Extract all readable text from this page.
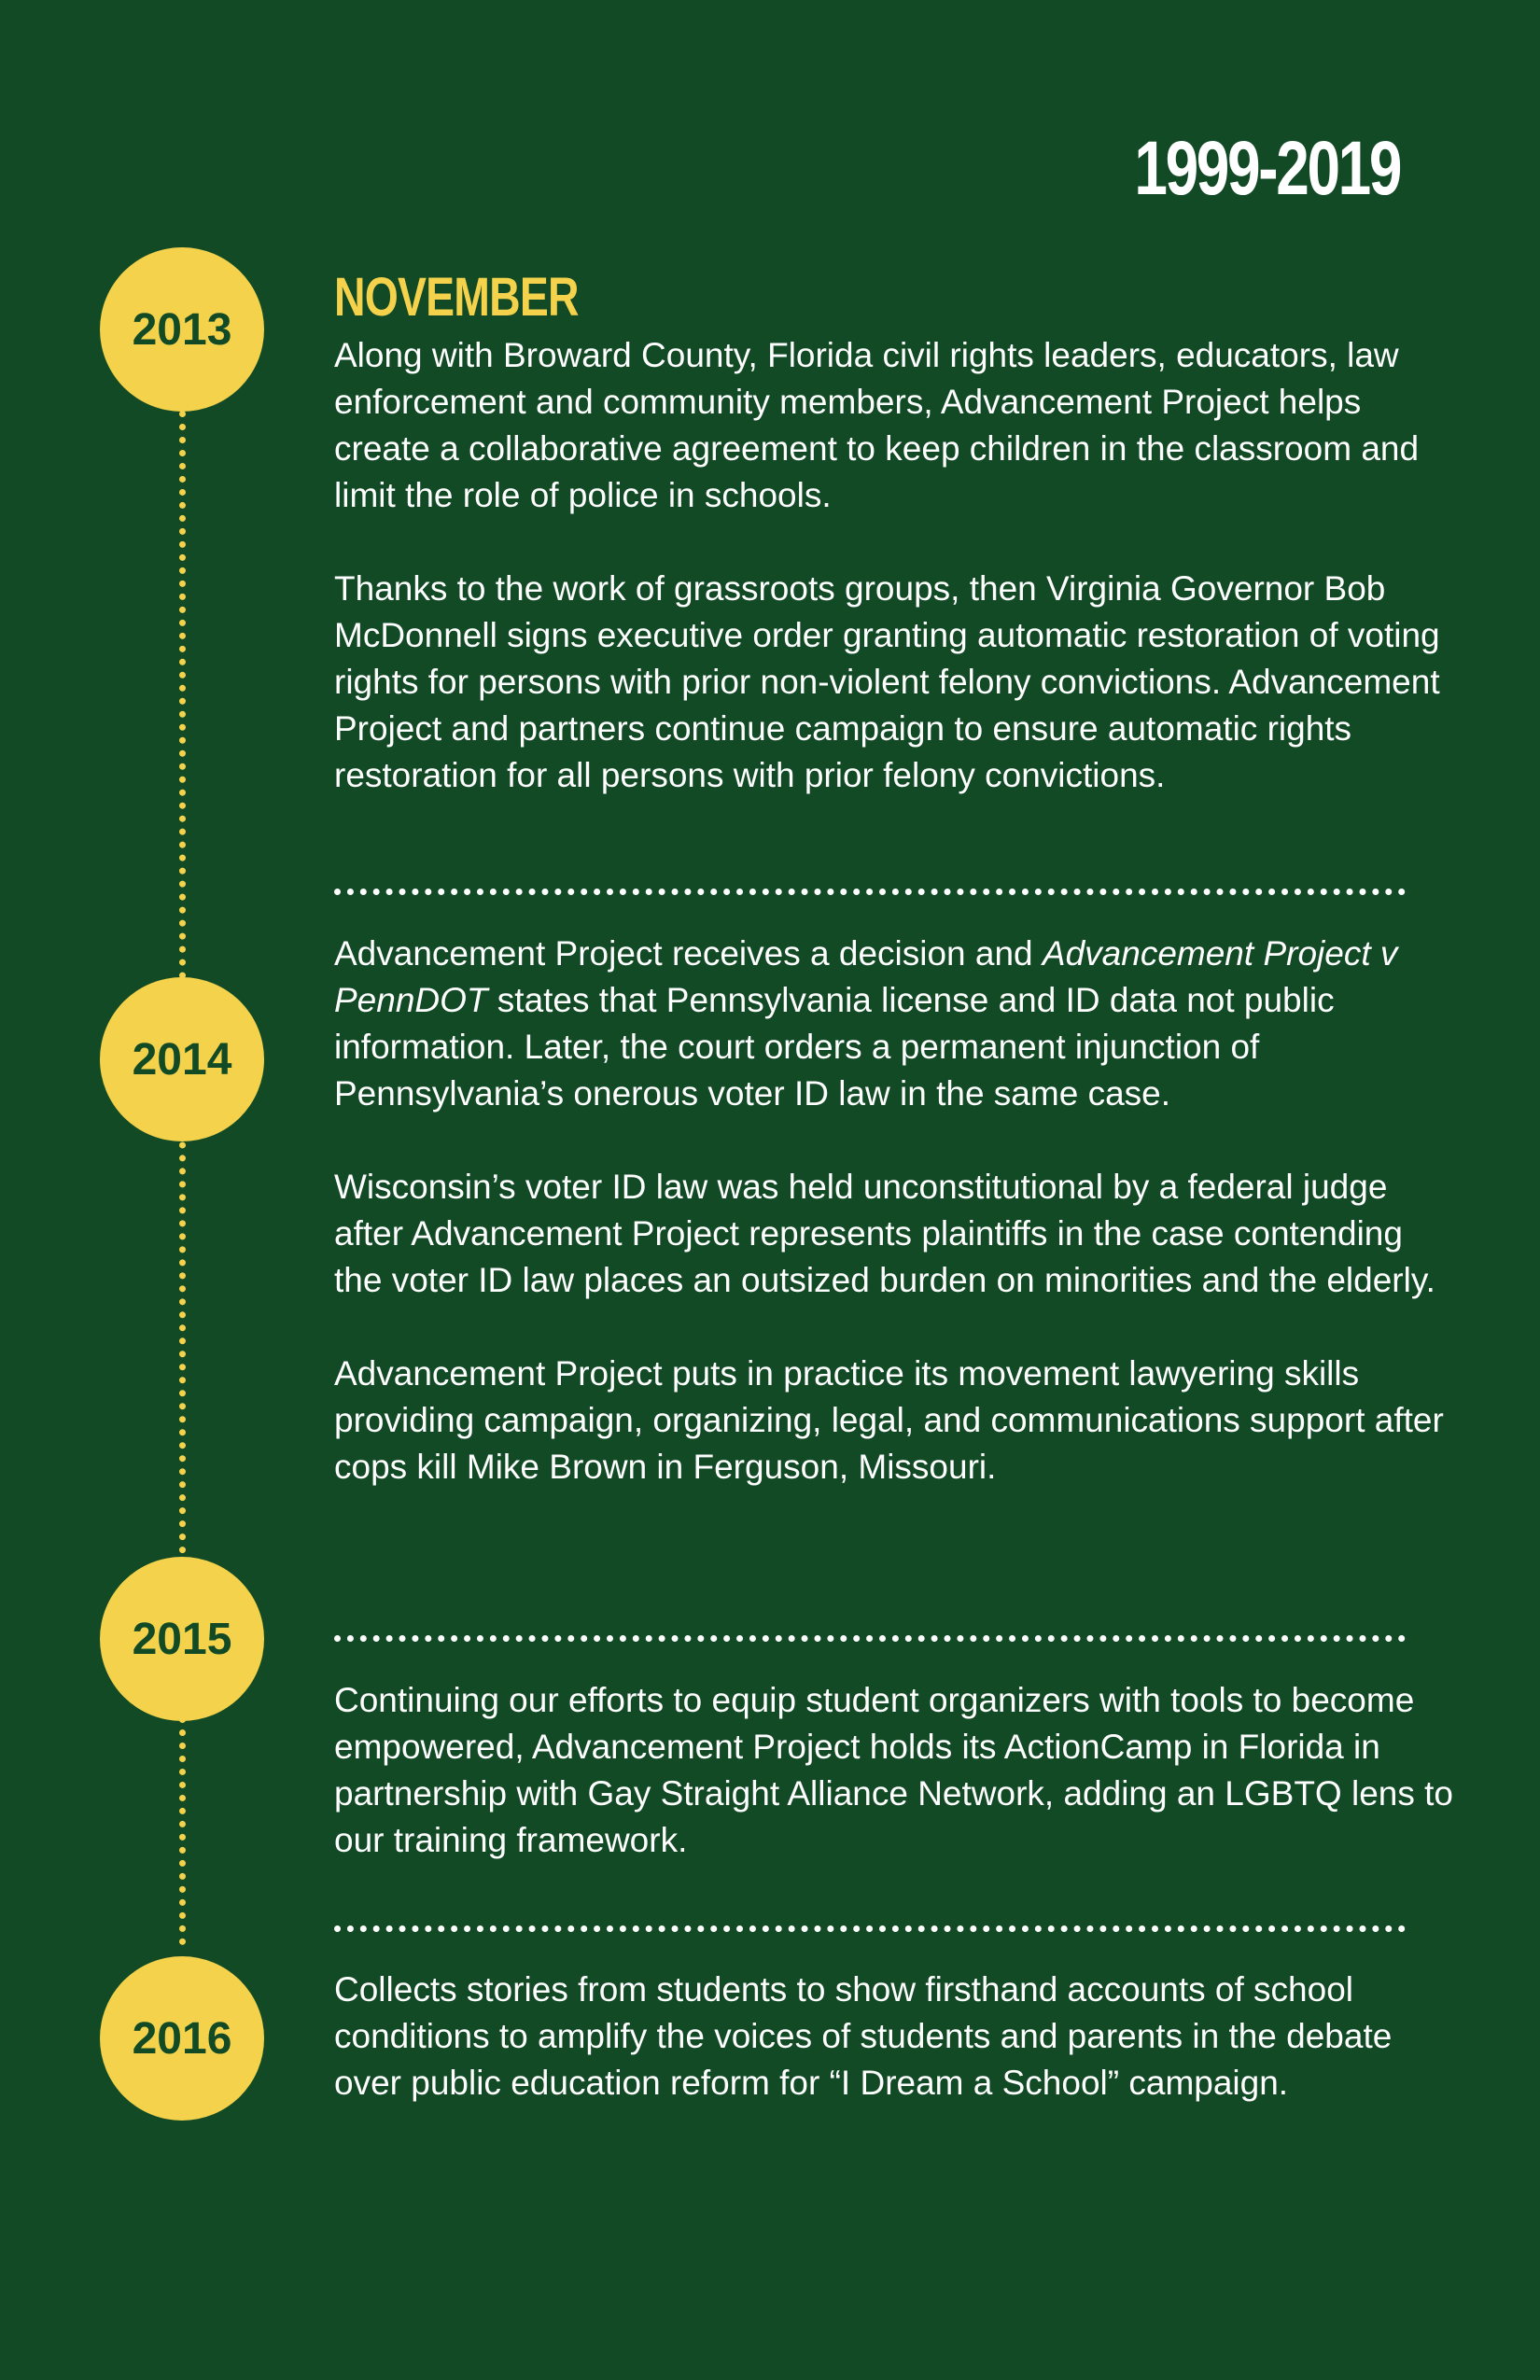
1999-2019
2013
NOVEMBER

Along with Broward County, Florida civil rights leaders, educators, law enforcement and community members, Advancement Project helps create a collaborative agreement to keep children in the classroom and limit the role of police in schools.

Thanks to the work of grassroots groups, then Virginia Governor Bob McDonnell signs executive order granting automatic restoration of voting rights for persons with prior non-violent felony convictions. Advancement Project and partners continue campaign to ensure automatic rights restoration for all persons with prior felony convictions.

2014

Advancement Project receives a decision and Advancement Project v PennDOT states that Pennsylvania license and ID data not public information. Later, the court orders a permanent injunction of Pennsylvania’s onerous voter ID law in the same case.

Wisconsin’s voter ID law was held unconstitutional by a federal judge after Advancement Project represents plaintiffs in the case contending the voter ID law places an outsized burden on minorities and the elderly.

Advancement Project puts in practice its movement lawyering skills providing campaign, organizing, legal, and communications support after cops kill Mike Brown in Ferguson, Missouri.

2015

Continuing our efforts to equip student organizers with tools to become empowered, Advancement Project holds its ActionCamp in Florida in partnership with Gay Straight Alliance Network, adding an LGBTQ lens to our training framework.

2016

Collects stories from students to show firsthand accounts of school conditions to amplify the voices of students and parents in the debate over public education reform for “I Dream a School” campaign.
